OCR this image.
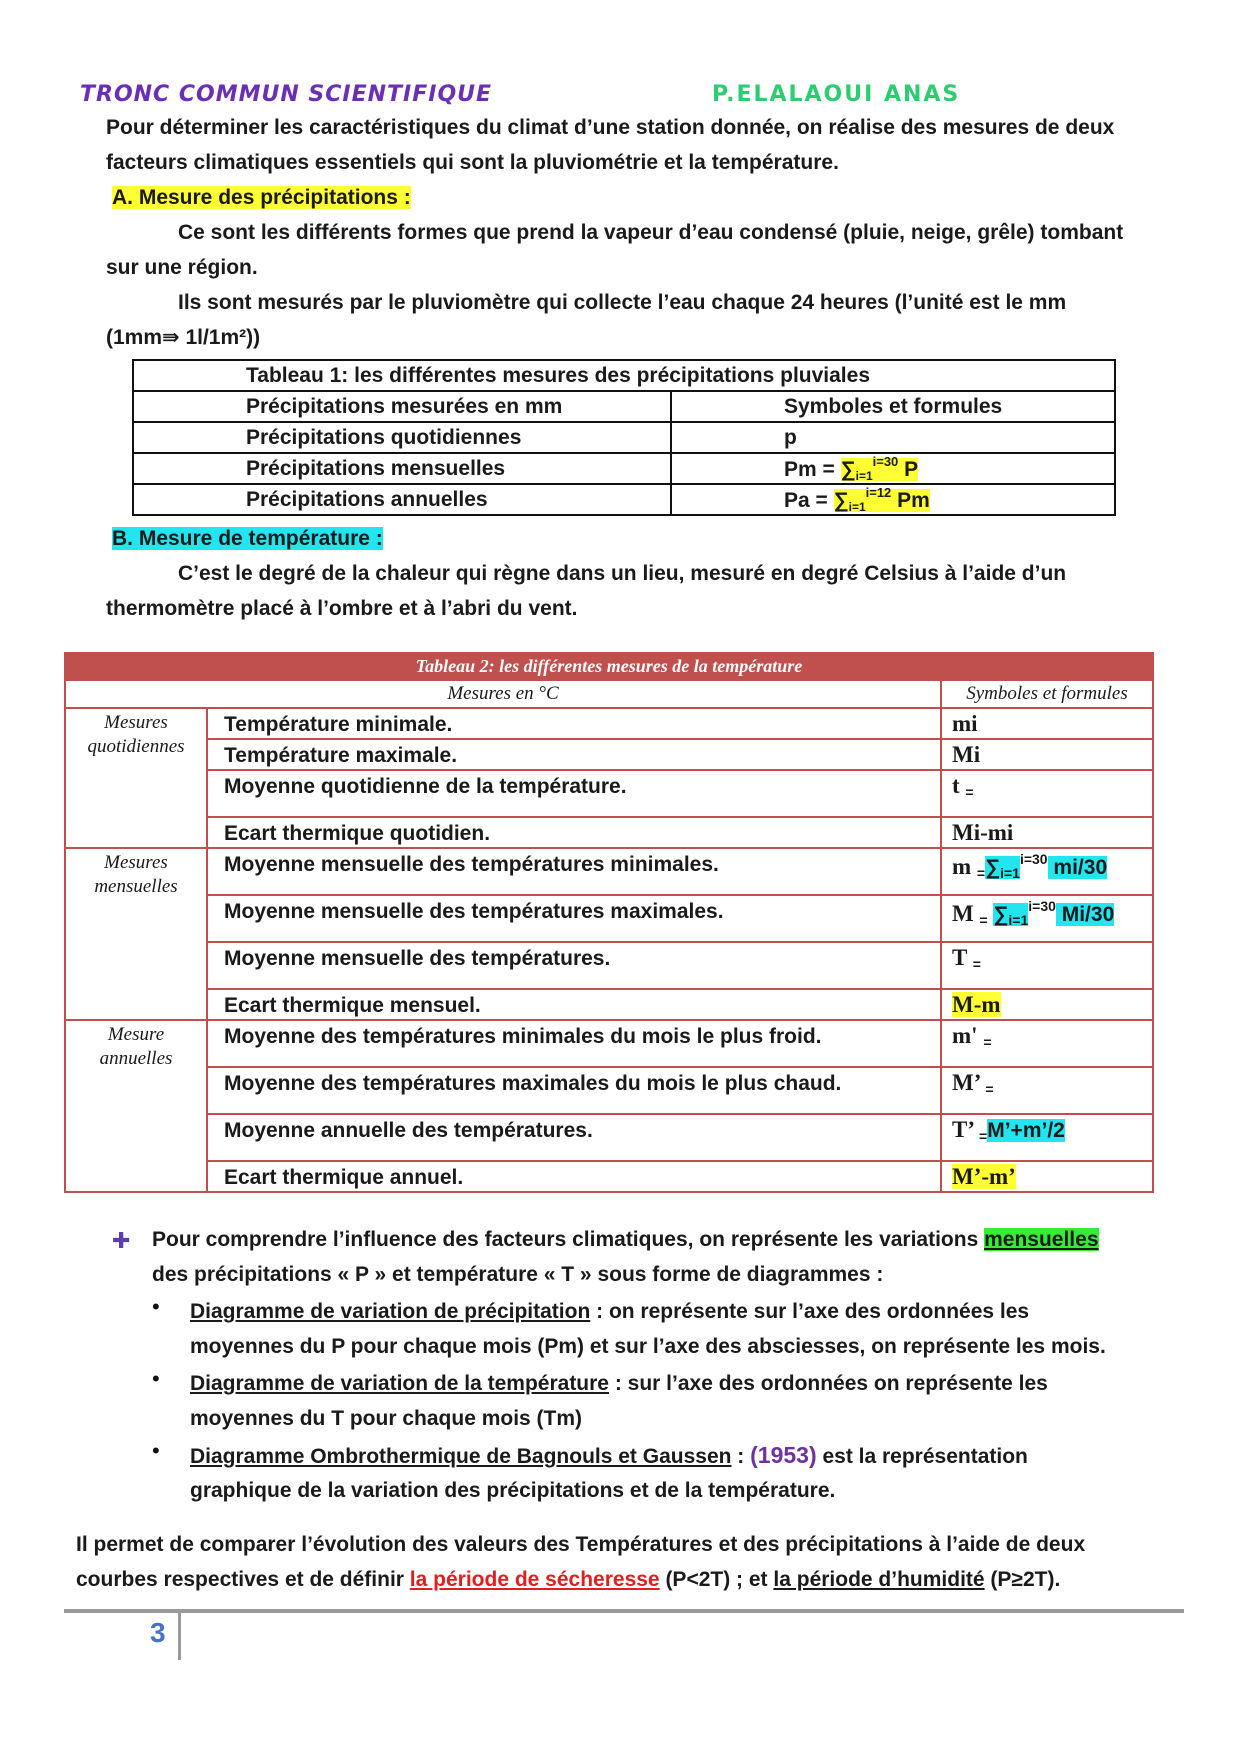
TRONC COMMUN SCIENTIFIQUE	P.ELALAOUI ANAS
Pour déterminer les caractéristiques du climat d’une station donnée, on réalise des mesures de deux
facteurs climatiques essentiels qui sont la pluviométrie et la température.
A. Mesure des précipitations :
Ce sont les différents formes que prend la vapeur d’eau condensé (pluie, neige, grêle) tombant
sur une région.
Ils sont mesurés par le pluviomètre qui collecte l’eau chaque 24 heures (l’unité est le mm
(1mm⇛ 1l/1m²))
Tableau 1: les différentes mesures des précipitations pluviales	
Précipitations mesurées en mm	Symboles et formules
Précipitations quotidiennes	p
Précipitations mensuelles	$Pm = \sum_{i=1}^{i=30}$ P
Précipitations annuelles	$Pa = \sum_{i=1}^{i=12}$ Pm
B. Mesure de température :
C’est le degré de la chaleur qui règne dans un lieu, mesuré en degré Celsius à l’aide d’un
thermomètre placé à l’ombre et à l’abri du vent.
Tableau 2: les différentes mesures de la température		
Mesures en °C		Symboles et formules
Mesures
quotidiennes	Température minimale.	mi
	Température maximale.	Mi
	Moyenne quotidienne de la température.	t =
	Ecart thermique quotidien.	Mi-mi
Mesures
mensuelles	Moyenne mensuelle des températures minimales.	$m =\sum i=1^{i=30}$ mi/30
	Moyenne mensuelle des températures maximales.	$M = \sum i=1^{i=30}$ Mi/30
	Moyenne mensuelle des températures.	T =
	Ecart thermique mensuel.	M-m
Mesure
annuelles	Moyenne des températures minimales du mois le plus froid.	m' =
	Moyenne des températures maximales du mois le plus chaud.	M’ =
	Moyenne annuelle des températures.	T’ =M’+m’/2
	Ecart thermique annuel.	M’-m’
✚ Pour comprendre l’influence des facteurs climatiques, on représente les variations mensuelles
des précipitations « P » et température « T » sous forme de diagrammes :
• Diagramme de variation de précipitation : on représente sur l’axe des ordonnées les
moyennes du P pour chaque mois (Pm) et sur l’axe des absciesses, on représente les mois.
• Diagramme de variation de la température : sur l’axe des ordonnées on représente les
moyennes du T pour chaque mois (Tm)
• Diagramme Ombrothermique de Bagnouls et Gaussen : (1953) est la représentation
graphique de la variation des précipitations et de la température.
Il permet de comparer l’évolution des valeurs des Températures et des précipitations à l’aide de deux
courbes respectives et de définir la période de sécheresse (P<2T) ; et la période d’humidité (P≥2T).
3
